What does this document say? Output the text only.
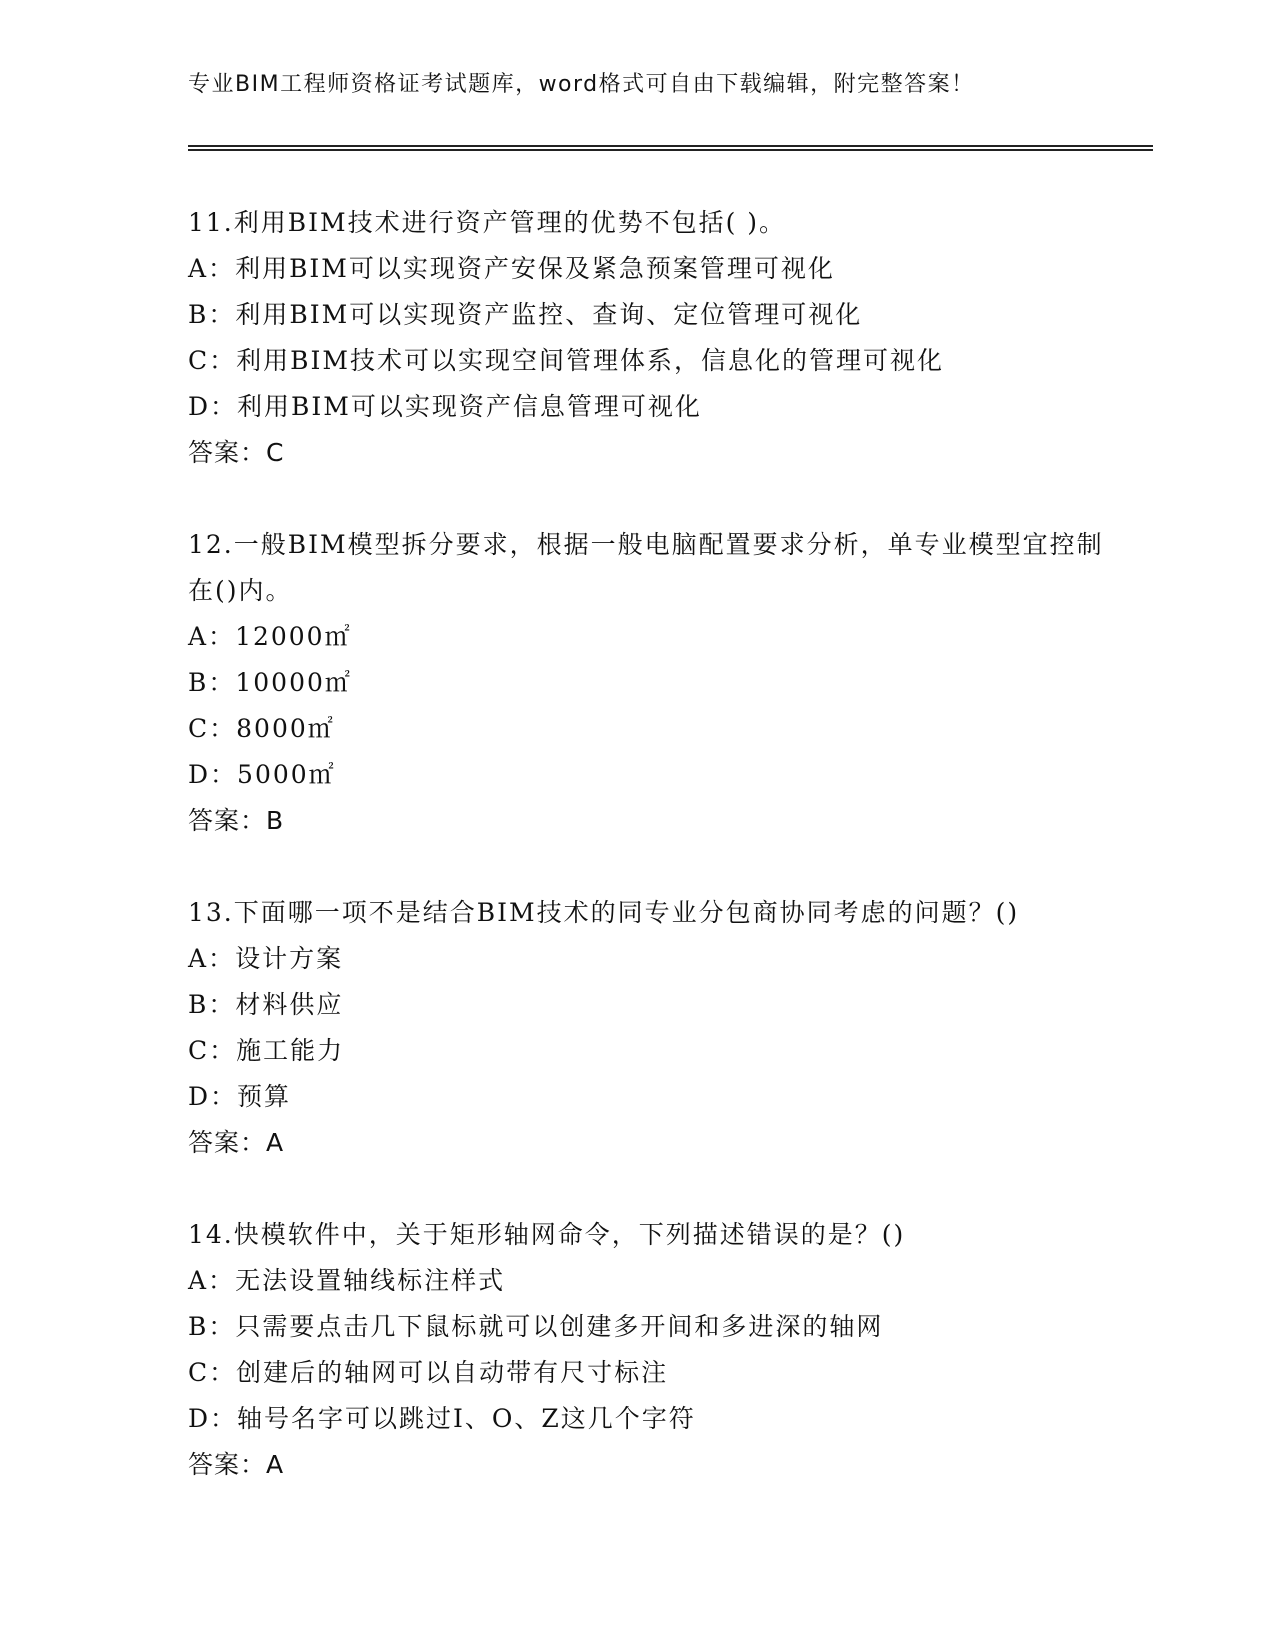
专业BIM工程师资格证考试题库，word格式可自由下载编辑，附完整答案！
11.利用BIM技术进行资产管理的优势不包括( )。
A：利用BIM可以实现资产安保及紧急预案管理可视化
B：利用BIM可以实现资产监控、查询、定位管理可视化
C：利用BIM技术可以实现空间管理体系，信息化的管理可视化
D：利用BIM可以实现资产信息管理可视化
答案：C
12.一般BIM模型拆分要求，根据一般电脑配置要求分析，单专业模型宜控制在()内。
A：12000㎡
B：10000㎡
C：8000㎡
D：5000㎡
答案：B
13.下面哪一项不是结合BIM技术的同专业分包商协同考虑的问题？()
A：设计方案
B：材料供应
C：施工能力
D：预算
答案：A
14.快模软件中，关于矩形轴网命令，下列描述错误的是？()
A：无法设置轴线标注样式
B：只需要点击几下鼠标就可以创建多开间和多进深的轴网
C：创建后的轴网可以自动带有尺寸标注
D：轴号名字可以跳过I、O、Z这几个字符
答案：A
